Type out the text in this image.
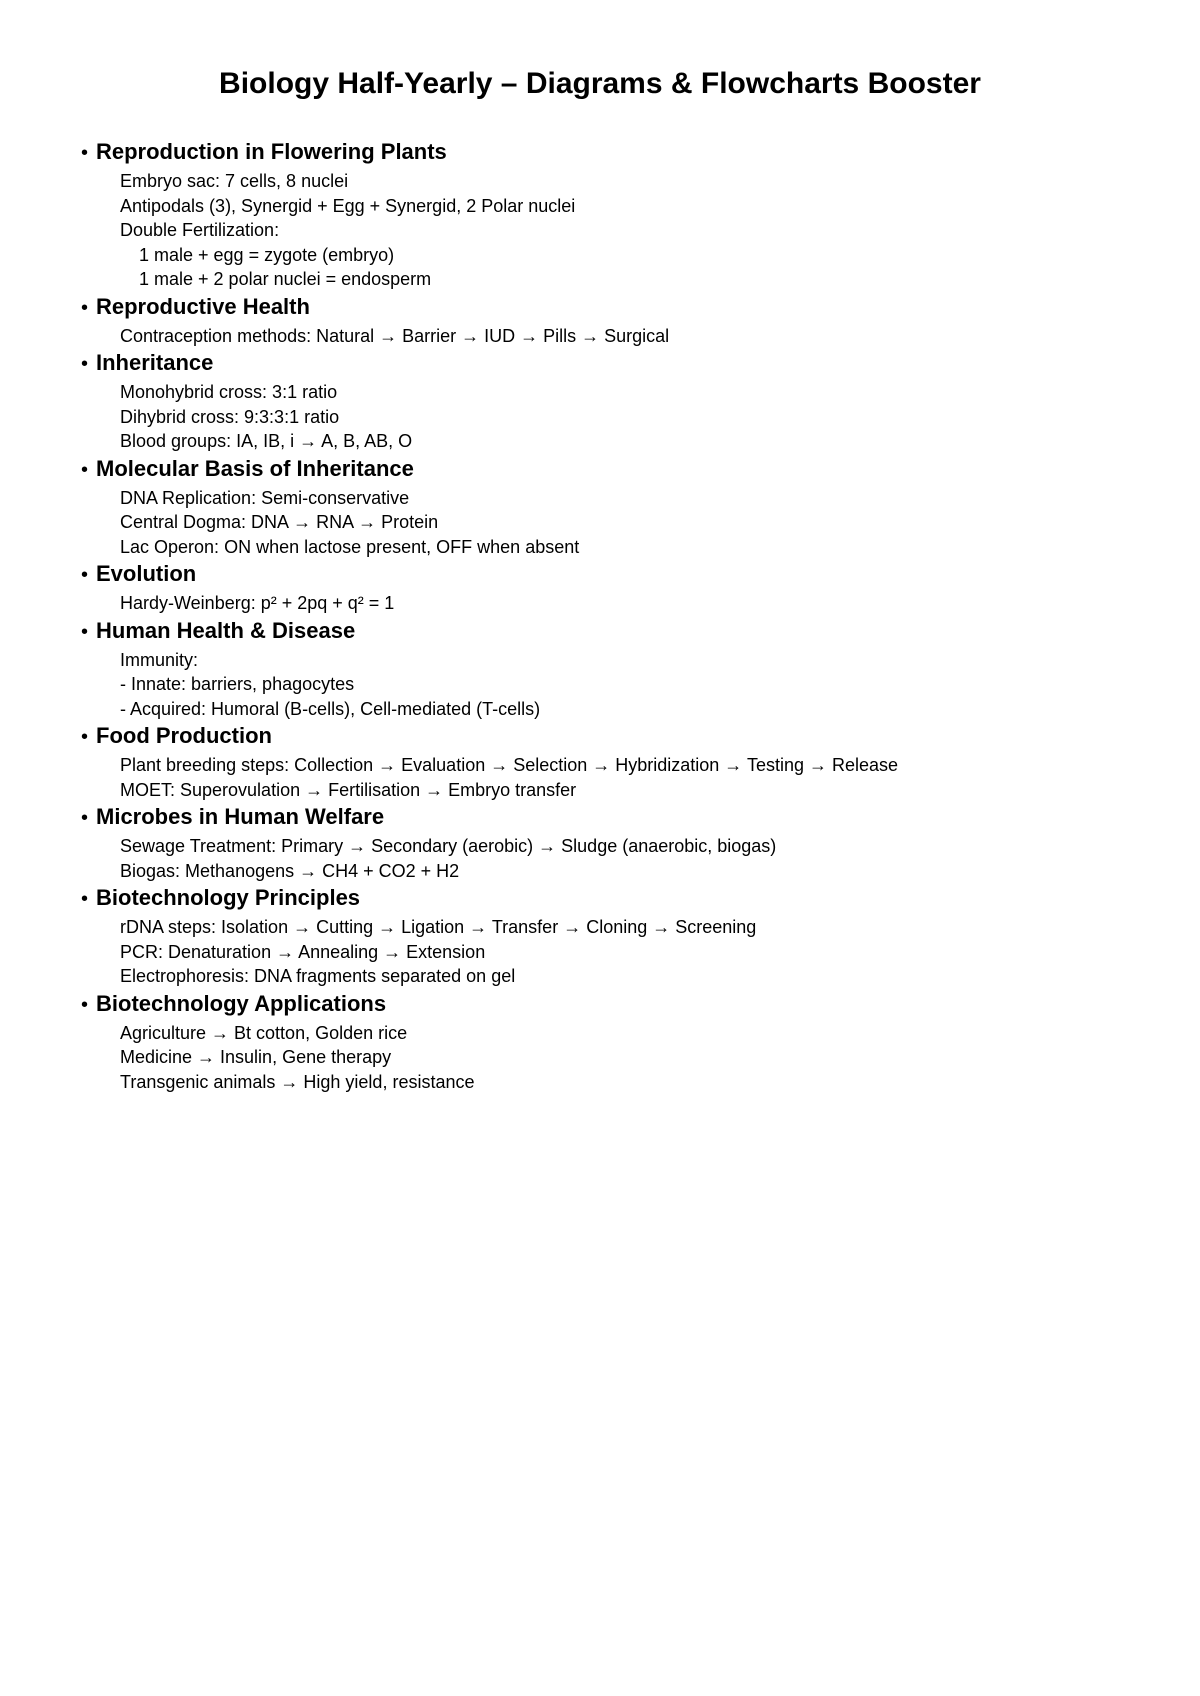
Biology Half-Yearly – Diagrams & Flowcharts Booster
• Reproduction in Flowering Plants
Embryo sac: 7 cells, 8 nuclei
Antipodals (3), Synergid + Egg + Synergid, 2 Polar nuclei
Double Fertilization:
1 male + egg = zygote (embryo)
1 male + 2 polar nuclei = endosperm
• Reproductive Health
Contraception methods: Natural → Barrier → IUD → Pills → Surgical
• Inheritance
Monohybrid cross: 3:1 ratio
Dihybrid cross: 9:3:3:1 ratio
Blood groups: IA, IB, i → A, B, AB, O
• Molecular Basis of Inheritance
DNA Replication: Semi-conservative
Central Dogma: DNA → RNA → Protein
Lac Operon: ON when lactose present, OFF when absent
• Evolution
Hardy-Weinberg: p² + 2pq + q² = 1
• Human Health & Disease
Immunity:
- Innate: barriers, phagocytes
- Acquired: Humoral (B-cells), Cell-mediated (T-cells)
• Food Production
Plant breeding steps: Collection → Evaluation → Selection → Hybridization → Testing → Release
MOET: Superovulation → Fertilisation → Embryo transfer
• Microbes in Human Welfare
Sewage Treatment: Primary → Secondary (aerobic) → Sludge (anaerobic, biogas)
Biogas: Methanogens → CH4 + CO2 + H2
• Biotechnology Principles
rDNA steps: Isolation → Cutting → Ligation → Transfer → Cloning → Screening
PCR: Denaturation → Annealing → Extension
Electrophoresis: DNA fragments separated on gel
• Biotechnology Applications
Agriculture → Bt cotton, Golden rice
Medicine → Insulin, Gene therapy
Transgenic animals → High yield, resistance
